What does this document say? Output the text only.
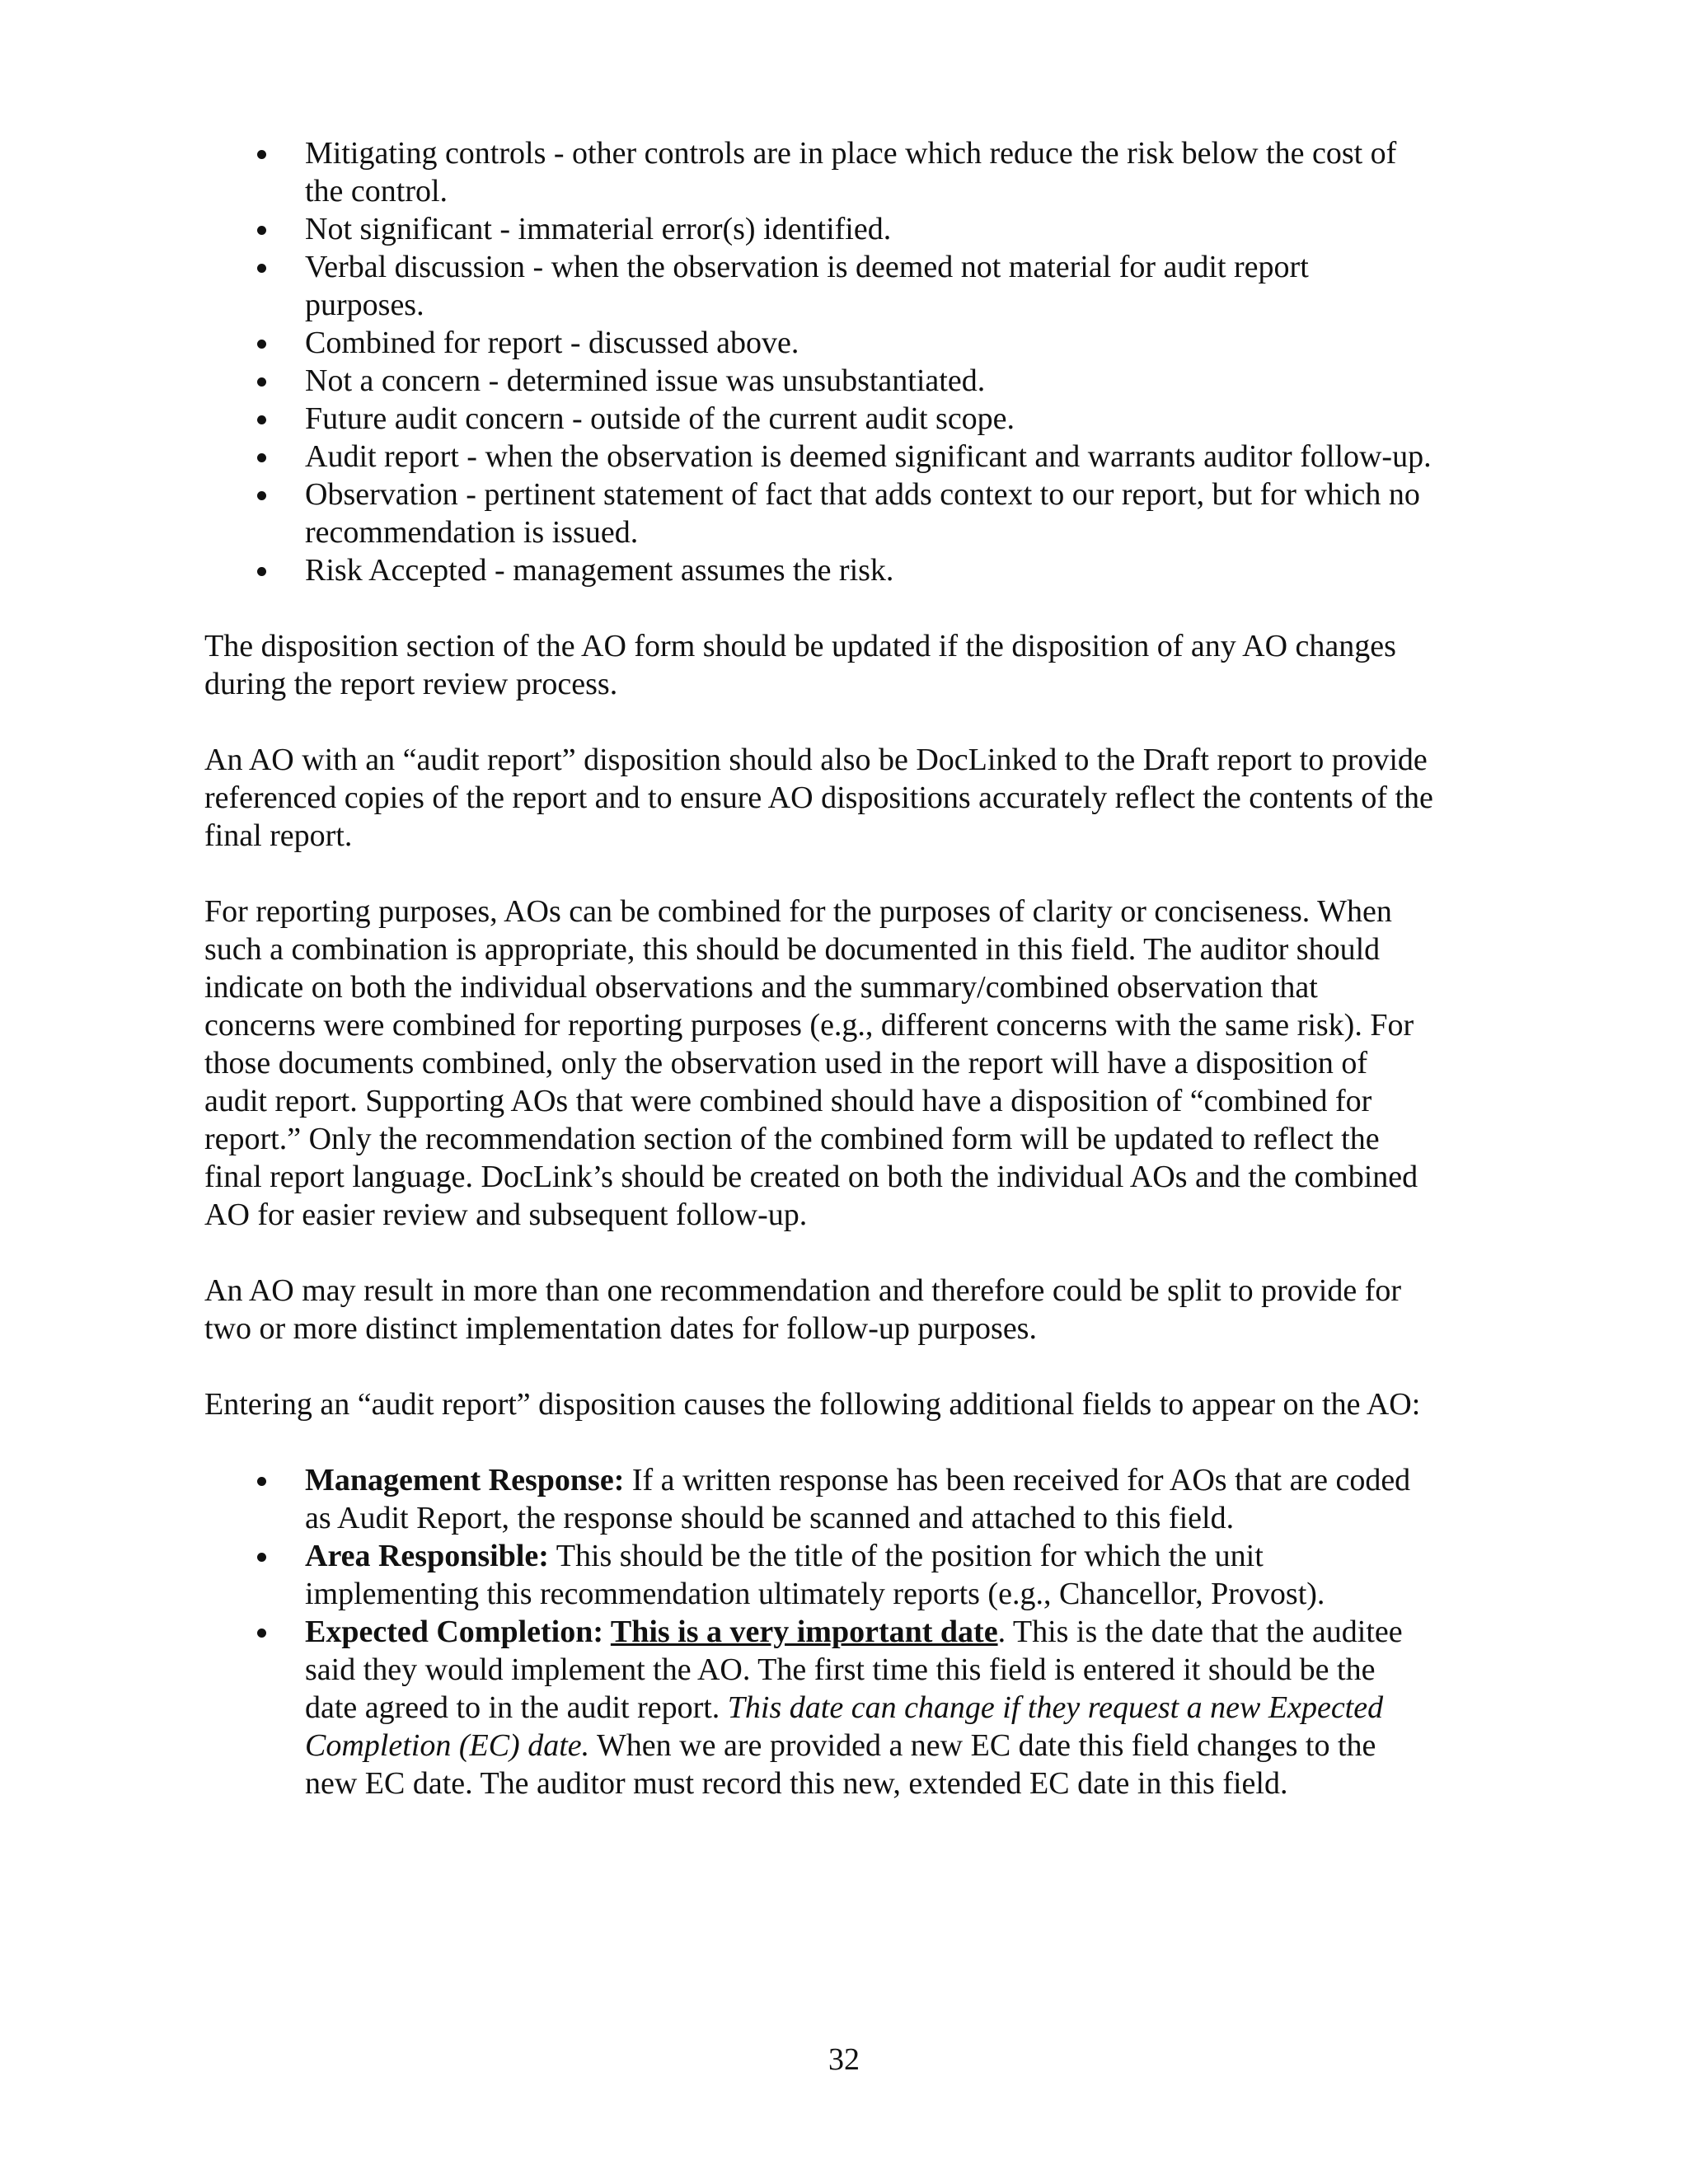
Mitigating controls - other controls are in place which reduce the risk below the cost of the control.
Not significant - immaterial error(s) identified.
Verbal discussion - when the observation is deemed not material for audit report purposes.
Combined for report - discussed above.
Not a concern - determined issue was unsubstantiated.
Future audit concern - outside of the current audit scope.
Audit report - when the observation is deemed significant and warrants auditor follow-up.
Observation - pertinent statement of fact that adds context to our report, but for which no recommendation is issued.
Risk Accepted - management assumes the risk.

The disposition section of the AO form should be updated if the disposition of any AO changes during the report review process.

An AO with an “audit report” disposition should also be DocLinked to the Draft report to provide referenced copies of the report and to ensure AO dispositions accurately reflect the contents of the final report.

For reporting purposes, AOs can be combined for the purposes of clarity or conciseness. When such a combination is appropriate, this should be documented in this field. The auditor should indicate on both the individual observations and the summary/combined observation that concerns were combined for reporting purposes (e.g., different concerns with the same risk). For those documents combined, only the observation used in the report will have a disposition of audit report. Supporting AOs that were combined should have a disposition of “combined for report.” Only the recommendation section of the combined form will be updated to reflect the final report language. DocLink’s should be created on both the individual AOs and the combined AO for easier review and subsequent follow-up.

An AO may result in more than one recommendation and therefore could be split to provide for two or more distinct implementation dates for follow-up purposes.

Entering an “audit report” disposition causes the following additional fields to appear on the AO:

Management Response: If a written response has been received for AOs that are coded as Audit Report, the response should be scanned and attached to this field.
Area Responsible: This should be the title of the position for which the unit implementing this recommendation ultimately reports (e.g., Chancellor, Provost).
Expected Completion: This is a very important date. This is the date that the auditee said they would implement the AO. The first time this field is entered it should be the date agreed to in the audit report. This date can change if they request a new Expected Completion (EC) date. When we are provided a new EC date this field changes to the new EC date. The auditor must record this new, extended EC date in this field.
32
